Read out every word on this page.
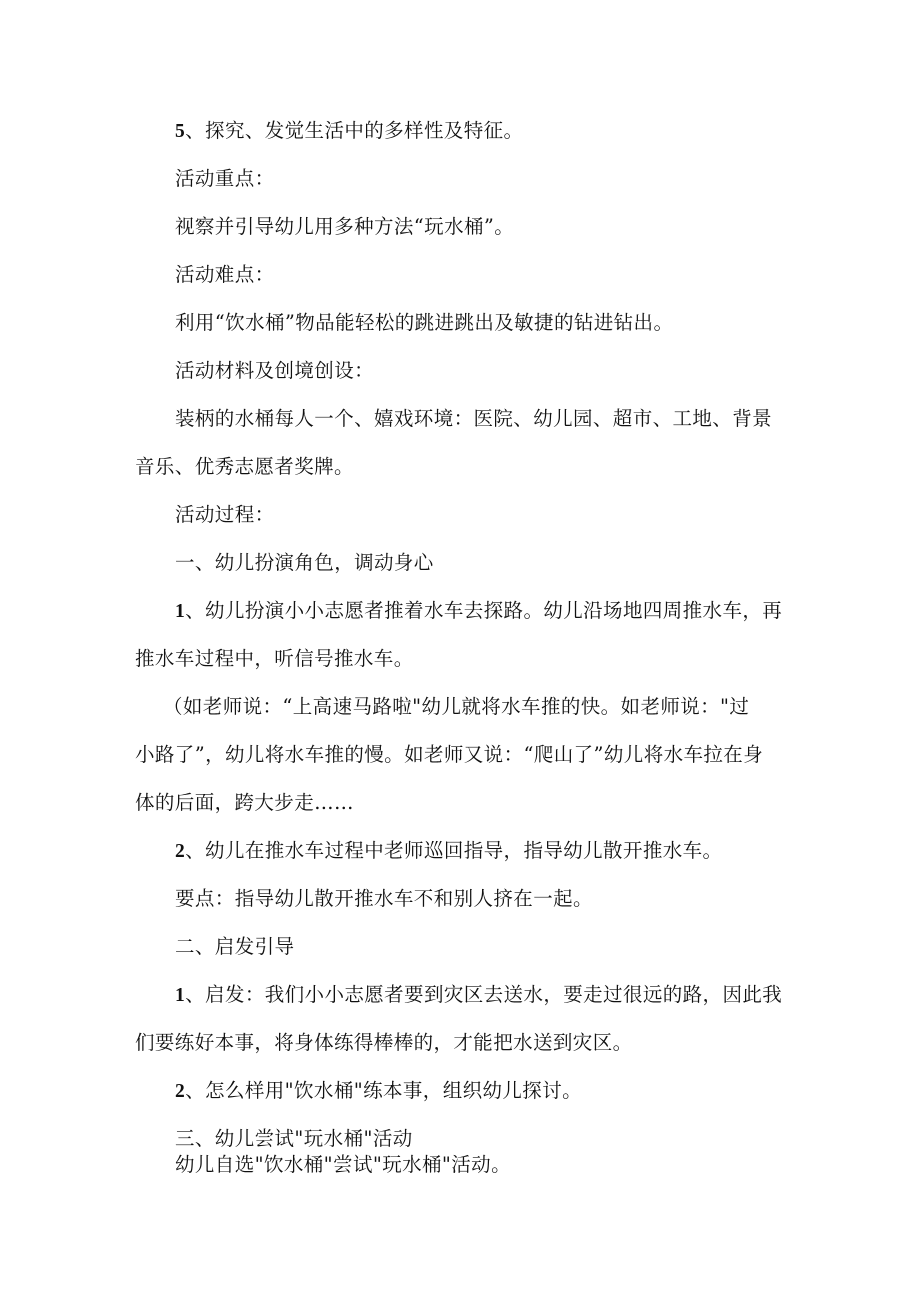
5、探究、发觉生活中的多样性及特征。
活动重点：
视察并引导幼儿用多种方法“玩水桶”。
活动难点：
利用“饮水桶”物品能轻松的跳进跳出及敏捷的钻进钻出。
活动材料及创境创设：
装柄的水桶每人一个、嬉戏环境：医院、幼儿园、超市、工地、背景
音乐、优秀志愿者奖牌。
活动过程：
一、幼儿扮演角色，调动身心
1、幼儿扮演小小志愿者推着水车去探路。幼儿沿场地四周推水车，再
推水车过程中，听信号推水车。
（如老师说：“上高速马路啦"幼儿就将水车推的快。如老师说："过
小路了”，幼儿将水车推的慢。如老师又说：“爬山了”幼儿将水车拉在身
体的后面，跨大步走……
2、幼儿在推水车过程中老师巡回指导，指导幼儿散开推水车。
要点：指导幼儿散开推水车不和别人挤在一起。
二、启发引导
1、启发：我们小小志愿者要到灾区去送水，要走过很远的路，因此我
们要练好本事，将身体练得棒棒的，才能把水送到灾区。
2、怎么样用"饮水桶"练本事，组织幼儿探讨。
三、幼儿尝试"玩水桶"活动
幼儿自选"饮水桶"尝试"玩水桶"活动。
